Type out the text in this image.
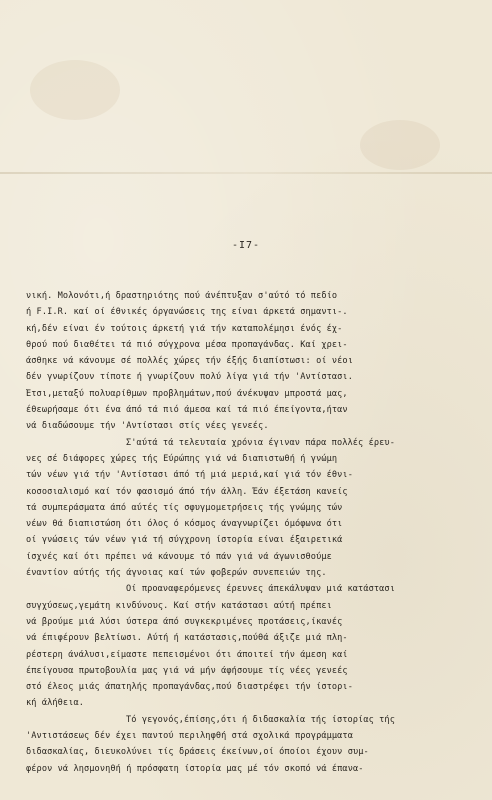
-I7-
νική. Μολονότι,ή δραστηριότης πού άνέπτυξαν σ'αύτό τό πεδίο
ή F.I.R. καί οί έθνικές όργανώσεις της είναι άρκετά σημαντι-.
κή,δέν είναι έν τούτοις άρκετή γιά τήν καταπολέμησι ένός έχ-
θρού πού διαθέτει τά πιό σύγχρονα μέσα προπαγάνδας. Καί χρει-
άσθηκε νά κάνουμε σέ πολλές χώρες τήν έξής διαπίστωσι: οί νέοι
δέν γνωρίζουν τίποτε ή γνωρίζουν πολύ λίγα γιά τήν 'Αντίστασι.
Έτσι,μεταξύ πολυαρίθμων προβλημάτων,πού άνέκυψαν μπροστά μας,
έθεωρήσαμε ότι ένα άπό τά πιό άμεσα καί τά πιό έπείγοντα,ήταν
νά διαδώσουμε τήν 'Αντίστασι στίς νέες γενεές.
Σ'αύτά τά τελευταία χρόνια έγιναν πάρα πολλές έρευ-
νες σέ διάφορες χώρες τής Εύρώπης γιά νά διαπιστωθή ή γνώμη
τών νέων γιά τήν 'Αντίστασι άπό τή μιά μεριά,καί γιά τόν έθνι-
κοσοσιαλισμό καί τόν φασισμό άπό τήν άλλη. Έάν έξετάση κανείς
τά συμπεράσματα άπό αύτές τίς σφυγμομετρήσεις τής γνώμης τών
νέων θά διαπιστώση ότι όλος ό κόσμος άναγνωρίζει όμόφωνα ότι
οί γνώσεις τών νέων γιά τή σύγχρονη ίστορία είναι έξαιρετικά
ίσχνές καί ότι πρέπει νά κάνουμε τό πάν γιά νά άγωνισθούμε
έναντίον αύτής τής άγνοιας καί τών φοβερών συνεπειών της.
Οί προαναφερόμενες έρευνες άπεκάλυψαν μιά κατάστασι
συγχύσεως,γεμάτη κινδύνους. Καί στήν κατάστασι αύτή πρέπει
νά βρούμε μιά λύσι ύστερα άπό συγκεκριμένες προτάσεις,ίκανές
νά έπιφέρουν βελτίωσι. Αύτή ή κατάστασις,πούθά άξιζε μιά πλη-
ρέστερη άνάλυσι,είμαστε πεπεισμένοι ότι άποιτεί τήν άμεση καί
έπείγουσα πρωτοβουλία μας γιά νά μήν άφήσουμε τίς νέες γενεές
στό έλεος μιάς άπατηλής προπαγάνδας,πού διαστρέφει τήν ίστορι-
κή άλήθεια.
Τό γεγονός,έπίσης,ότι ή διδασκαλία τής ίστορίας τής
'Αντιστάσεως δέν έχει παντού περιληφθή στά σχολικά προγράμματα
διδασκαλίας, διευκολύνει τίς δράσεις έκείνων,οί όποίοι έχουν συμ-
φέρον νά λησμονηθή ή πρόσφατη ίστορία μας μέ τόν σκοπό νά έπανα-
